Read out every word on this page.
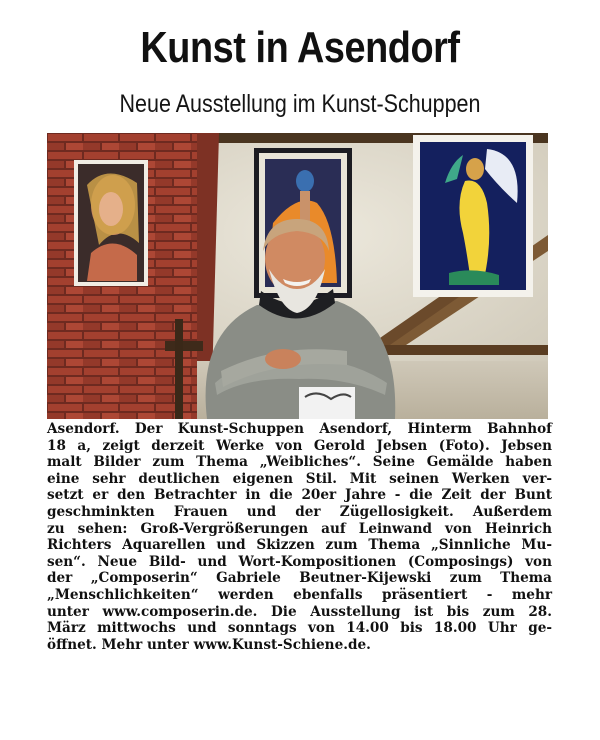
Kunst in Asendorf
Neue Ausstellung im Kunst-Schuppen
Asendorf. Der Kunst-Schuppen Asendorf, Hinterm Bahnhof
18 a, zeigt derzeit Werke von Gerold Jebsen (Foto). Jebsen
malt Bilder zum Thema „Weibliches“. Seine Gemälde haben
eine sehr deutlichen eigenen Stil. Mit seinen Werken ver-
setzt er den Betrachter in die 20er Jahre - die Zeit der Bunt
geschminkten Frauen und der Zügellosigkeit. Außerdem
zu sehen: Groß-Vergrößerungen auf Leinwand von Heinrich
Richters Aquarellen und Skizzen zum Thema „Sinnliche Mu-
sen“. Neue Bild- und Wort-Kompositionen (Composings) von
der „Composerin“ Gabriele Beutner-Kijewski zum Thema
„Menschlichkeiten“ werden ebenfalls präsentiert - mehr
unter www.composerin.de. Die Ausstellung ist bis zum 28.
März mittwochs und sonntags von 14.00 bis 18.00 Uhr ge-
öffnet. Mehr unter www.Kunst-Schiene.de.
